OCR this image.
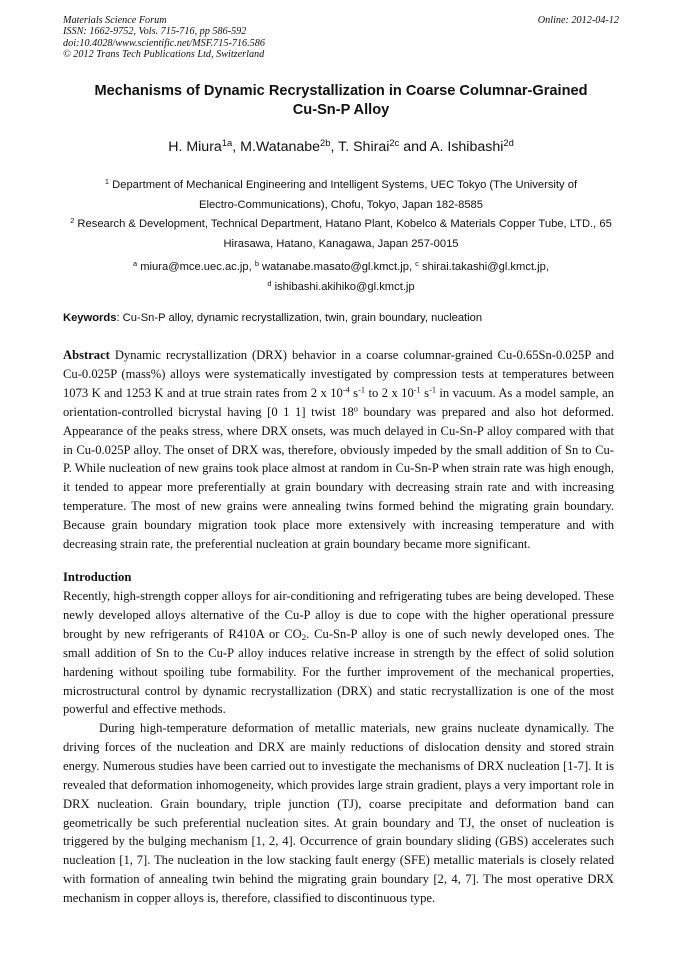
Materials Science Forum
ISSN: 1662-9752, Vols. 715-716, pp 586-592
doi:10.4028/www.scientific.net/MSF.715-716.586
© 2012 Trans Tech Publications Ltd, Switzerland
Online: 2012-04-12
Mechanisms of Dynamic Recrystallization in Coarse Columnar-Grained
Cu-Sn-P Alloy
H. Miura$^{1a}$, M.Watanabe$^{2b}$, T. Shirai$^{2c}$ and A. Ishibashi$^{2d}$
$^1$ Department of Mechanical Engineering and Intelligent Systems, UEC Tokyo (The University of
Electro-Communications), Chofu, Tokyo, Japan 182-8585
$^2$ Research & Development, Technical Department, Hatano Plant, Kobelco & Materials Copper Tube, LTD., 65
Hirasawa, Hatano, Kanagawa, Japan 257-0015
$^a$ miura@mce.uec.ac.jp, $^b$ watanabe.masato@gl.kmct.jp, $^c$ shirai.takashi@gl.kmct.jp,
$^d$ ishibashi.akihiko@gl.kmct.jp
Keywords: Cu-Sn-P alloy, dynamic recrystallization, twin, grain boundary, nucleation
Abstract Dynamic recrystallization (DRX) behavior in a coarse columnar-grained Cu-0.65Sn-0.025P and Cu-0.025P (mass%) alloys were systematically investigated by compression tests at temperatures between 1073 K and 1253 K and at true strain rates from 2 x $10^{-4}$ $s^{-1}$ to 2 x $10^{-1}$ $s^{-1}$ in vacuum. As a model sample, an orientation-controlled bicrystal having [0 1 1] twist 18$^o$ boundary was prepared and also hot deformed. Appearance of the peaks stress, where DRX onsets, was much delayed in Cu-Sn-P alloy compared with that in Cu-0.025P alloy. The onset of DRX was, therefore, obviously impeded by the small addition of Sn to Cu-P. While nucleation of new grains took place almost at random in Cu-Sn-P when strain rate was high enough, it tended to appear more preferentially at grain boundary with decreasing strain rate and with increasing temperature. The most of new grains were annealing twins formed behind the migrating grain boundary. Because grain boundary migration took place more extensively with increasing temperature and with decreasing strain rate, the preferential nucleation at grain boundary became more significant.
Introduction
Recently, high-strength copper alloys for air-conditioning and refrigerating tubes are being developed. These newly developed alloys alternative of the Cu-P alloy is due to cope with the higher operational pressure brought by new refrigerants of R410A or $CO_2$. Cu-Sn-P alloy is one of such newly developed ones. The small addition of Sn to the Cu-P alloy induces relative increase in strength by the effect of solid solution hardening without spoiling tube formability. For the further improvement of the mechanical properties, microstructural control by dynamic recrystallization (DRX) and static recrystallization is one of the most powerful and effective methods.
During high-temperature deformation of metallic materials, new grains nucleate dynamically. The driving forces of the nucleation and DRX are mainly reductions of dislocation density and stored strain energy. Numerous studies have been carried out to investigate the mechanisms of DRX nucleation [1-7]. It is revealed that deformation inhomogeneity, which provides large strain gradient, plays a very important role in DRX nucleation. Grain boundary, triple junction (TJ), coarse precipitate and deformation band can geometrically be such preferential nucleation sites. At grain boundary and TJ, the onset of nucleation is triggered by the bulging mechanism [1, 2, 4]. Occurrence of grain boundary sliding (GBS) accelerates such nucleation [1, 7]. The nucleation in the low stacking fault energy (SFE) metallic materials is closely related with formation of annealing twin behind the migrating grain boundary [2, 4, 7]. The most operative DRX mechanism in copper alloys is, therefore, classified to discontinuous type.
